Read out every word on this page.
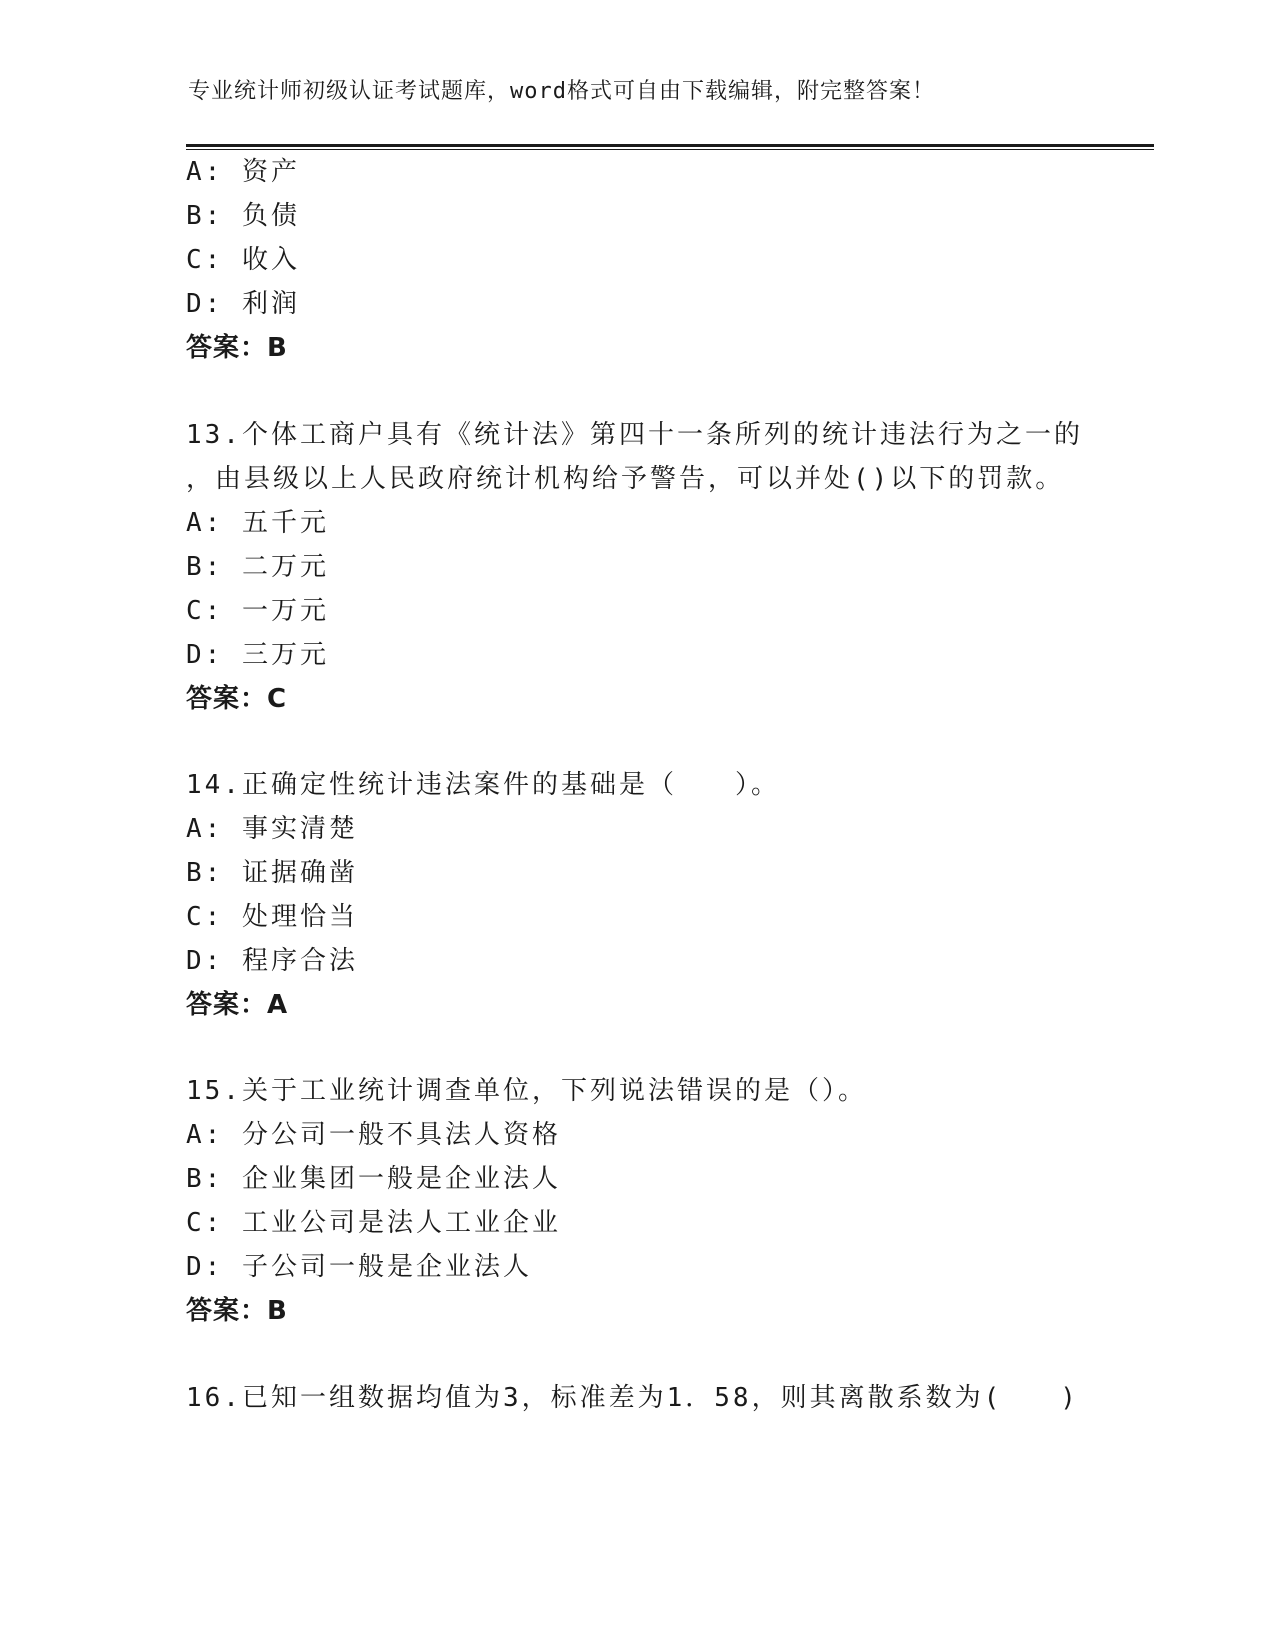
专业统计师初级认证考试题库，word格式可自由下载编辑，附完整答案！
A: 资产
B: 负债
C: 收入
D: 利润
答案：B
13.个体工商户具有《统计法》第四十一条所列的统计违法行为之一的
，由县级以上人民政府统计机构给予警告，可以并处()以下的罚款。
A: 五千元
B: 二万元
C: 一万元
D: 三万元
答案：C
14.正确定性统计违法案件的基础是（　　）。
A: 事实清楚
B: 证据确凿
C: 处理恰当
D: 程序合法
答案：A
15.关于工业统计调查单位，下列说法错误的是（）。
A: 分公司一般不具法人资格
B: 企业集团一般是企业法人
C: 工业公司是法人工业企业
D: 子公司一般是企业法人
答案：B
16.已知一组数据均值为3，标准差为1．58，则其离散系数为(　　)
